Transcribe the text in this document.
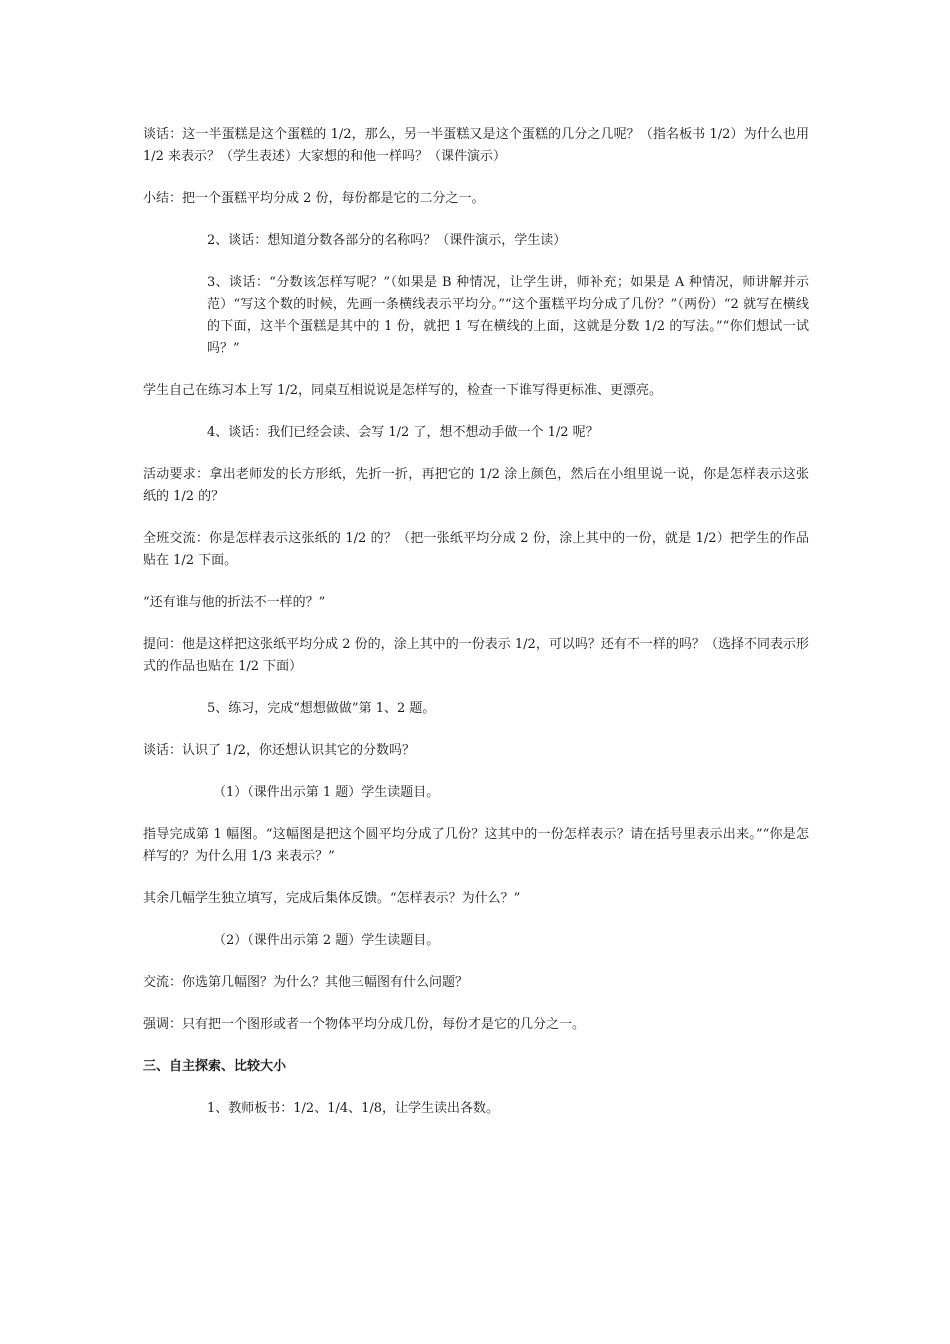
谈话：这一半蛋糕是这个蛋糕的 1/2，那么，另一半蛋糕又是这个蛋糕的几分之几呢？（指名板书 1/2）为什么也用 1/2 来表示？（学生表述）大家想的和他一样吗？（课件演示）

小结：把一个蛋糕平均分成 2 份，每份都是它的二分之一。

2、谈话：想知道分数各部分的名称吗？（课件演示，学生读）

3、谈话：“分数该怎样写呢？”（如果是 B 种情况，让学生讲，师补充；如果是 A 种情况，师讲解并示范）“写这个数的时候，先画一条横线表示平均分。”“这个蛋糕平均分成了几份？”（两份）“2 就写在横线的下面，这半个蛋糕是其中的 1 份，就把 1 写在横线的上面，这就是分数 1/2 的写法。”“你们想试一试吗？”

学生自己在练习本上写 1/2，同桌互相说说是怎样写的，检查一下谁写得更标准、更漂亮。

4、谈话：我们已经会读、会写 1/2 了，想不想动手做一个 1/2 呢？

活动要求：拿出老师发的长方形纸，先折一折，再把它的 1/2 涂上颜色，然后在小组里说一说，你是怎样表示这张纸的 1/2 的？

全班交流：你是怎样表示这张纸的 1/2 的？（把一张纸平均分成 2 份，涂上其中的一份，就是 1/2）把学生的作品贴在 1/2 下面。

“还有谁与他的折法不一样的？”

提问：他是这样把这张纸平均分成 2 份的，涂上其中的一份表示 1/2，可以吗？还有不一样的吗？（选择不同表示形式的作品也贴在 1/2 下面）

5、练习，完成“想想做做”第 1、2 题。

谈话：认识了 1/2，你还想认识其它的分数吗？

（1）（课件出示第 1 题）学生读题目。

指导完成第 1 幅图。“这幅图是把这个圆平均分成了几份？这其中的一份怎样表示？请在括号里表示出来。”“你是怎样写的？为什么用 1/3 来表示？”

其余几幅学生独立填写，完成后集体反馈。“怎样表示？为什么？”

（2）（课件出示第 2 题）学生读题目。

交流：你选第几幅图？为什么？其他三幅图有什么问题？

强调：只有把一个图形或者一个物体平均分成几份，每份才是它的几分之一。

三、自主探索、比较大小

1、教师板书：1/2、1/4、1/8，让学生读出各数。
